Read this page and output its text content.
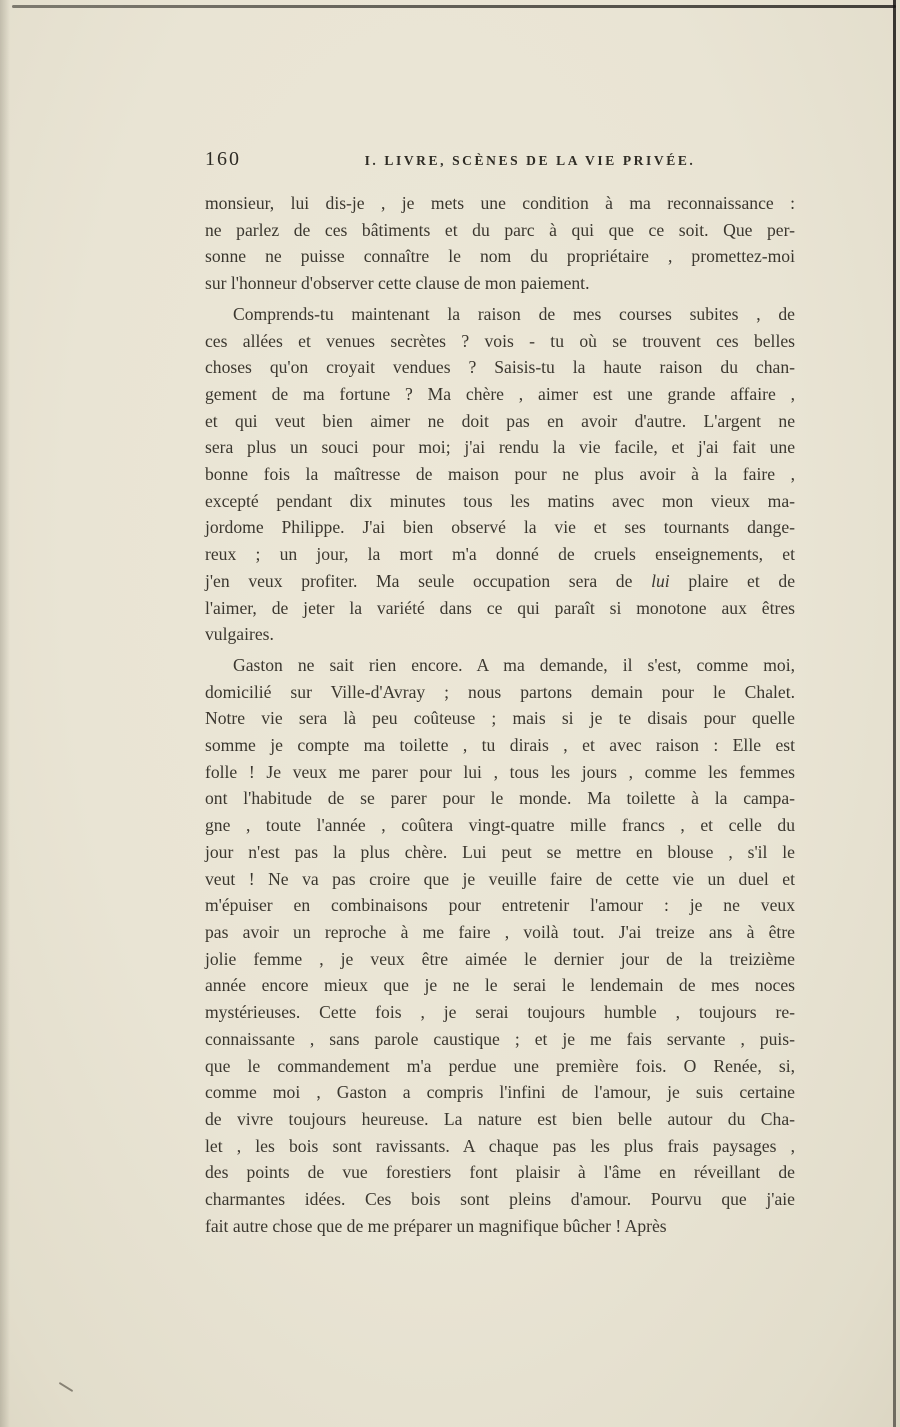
160	I. LIVRE, SCÈNES DE LA VIE PRIVÉE.
monsieur, lui dis-je , je mets une condition à ma reconnaissance :
ne parlez de ces bâtiments et du parc à qui que ce soit. Que per-
sonne ne puisse connaître le nom du propriétaire , promettez-moi
sur l'honneur d'observer cette clause de mon paiement.
Comprends-tu maintenant la raison de mes courses subites , de
ces allées et venues secrètes ? vois - tu où se trouvent ces belles
choses qu'on croyait vendues ? Saisis-tu la haute raison du chan-
gement de ma fortune ? Ma chère , aimer est une grande affaire ,
et qui veut bien aimer ne doit pas en avoir d'autre. L'argent ne
sera plus un souci pour moi; j'ai rendu la vie facile, et j'ai fait une
bonne fois la maîtresse de maison pour ne plus avoir à la faire ,
excepté pendant dix minutes tous les matins avec mon vieux ma-
jordome Philippe. J'ai bien observé la vie et ses tournants dange-
reux ; un jour, la mort m'a donné de cruels enseignements, et
j'en veux profiter. Ma seule occupation sera de lui plaire et de
l'aimer, de jeter la variété dans ce qui paraît si monotone aux êtres
vulgaires.
Gaston ne sait rien encore. A ma demande, il s'est, comme moi,
domicilié sur Ville-d'Avray ; nous partons demain pour le Chalet.
Notre vie sera là peu coûteuse ; mais si je te disais pour quelle
somme je compte ma toilette , tu dirais , et avec raison : Elle est
folle ! Je veux me parer pour lui , tous les jours , comme les femmes
ont l'habitude de se parer pour le monde. Ma toilette à la campa-
gne , toute l'année , coûtera vingt-quatre mille francs , et celle du
jour n'est pas la plus chère. Lui peut se mettre en blouse , s'il le
veut ! Ne va pas croire que je veuille faire de cette vie un duel et
m'épuiser en combinaisons pour entretenir l'amour : je ne veux
pas avoir un reproche à me faire , voilà tout. J'ai treize ans à être
jolie femme , je veux être aimée le dernier jour de la treizième
année encore mieux que je ne le serai le lendemain de mes noces
mystérieuses. Cette fois , je serai toujours humble , toujours re-
connaissante , sans parole caustique ; et je me fais servante , puis-
que le commandement m'a perdue une première fois. O Renée, si,
comme moi , Gaston a compris l'infini de l'amour, je suis certaine
de vivre toujours heureuse. La nature est bien belle autour du Cha-
let , les bois sont ravissants. A chaque pas les plus frais paysages ,
des points de vue forestiers font plaisir à l'âme en réveillant de
charmantes idées. Ces bois sont pleins d'amour. Pourvu que j'aie
fait autre chose que de me préparer un magnifique bûcher ! Après
